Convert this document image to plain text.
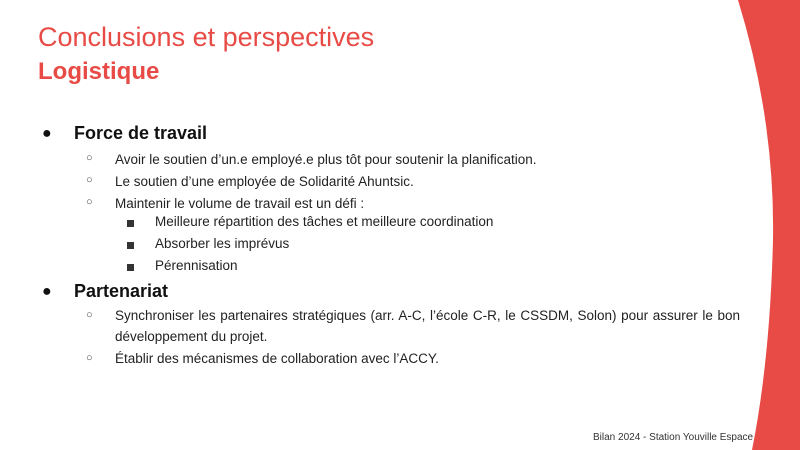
Conclusions et perspectives
Logistique
● Force de travail
○ Avoir le soutien d’un.e employé.e plus tôt pour soutenir la planification.
○ Le soutien d’une employée de Solidarité Ahuntsic.
○ Maintenir le volume de travail est un défi :
Meilleure répartition des tâches et meilleure coordination
Absorber les imprévus
Pérennisation
● Partenariat
○ Synchroniser les partenaires stratégiques (arr. A-C, l’école C-R, le CSSDM, Solon) pour assurer le bon développement du projet.
○ Établir des mécanismes de collaboration avec l’ACCY.
Bilan 2024 - Station Youville Espace
